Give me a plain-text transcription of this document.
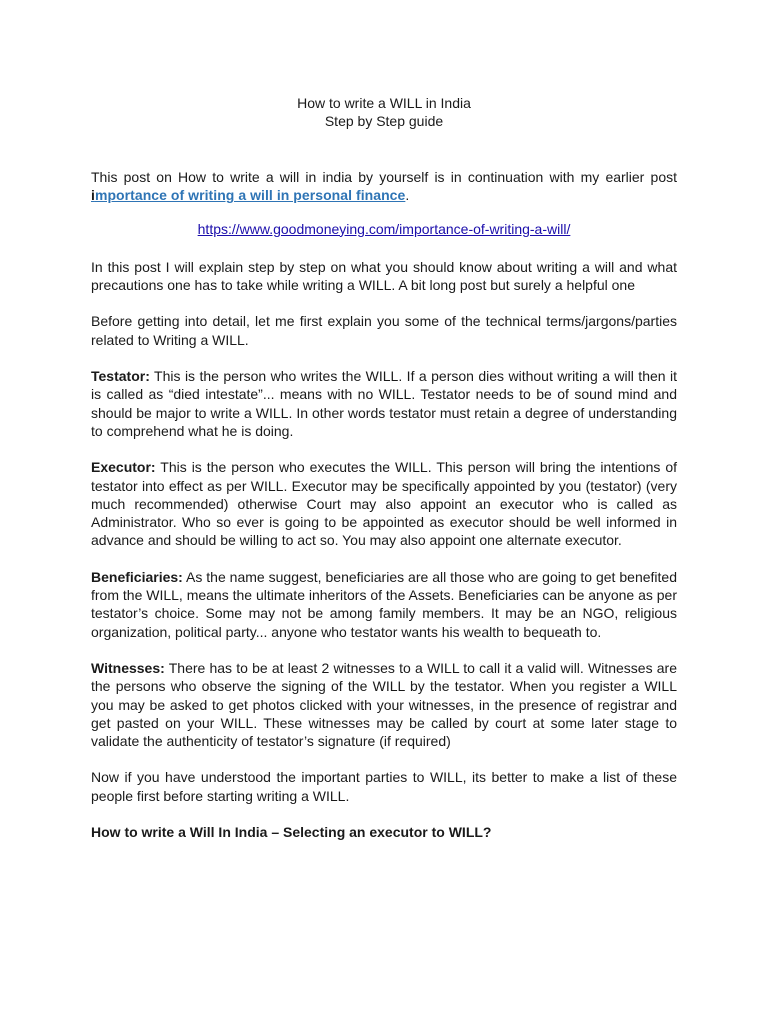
How to write a WILL in India
Step by Step guide

This post on How to write a will in india by yourself is in continuation with my earlier post importance of writing a will in personal finance.

https://www.goodmoneying.com/importance-of-writing-a-will/

In this post I will explain step by step on what you should know about writing a will and what precautions one has to take while writing a WILL. A bit long post but surely a helpful one

Before getting into detail, let me first explain you some of the technical terms/jargons/parties related to Writing a WILL.

Testator: This is the person who writes the WILL. If a person dies without writing a will then it is called as “died intestate”... means with no WILL. Testator needs to be of sound mind and should be major to write a WILL. In other words testator must retain a degree of understanding to comprehend what he is doing.

Executor: This is the person who executes the WILL. This person will bring the intentions of testator into effect as per WILL. Executor may be specifically appointed by you (testator) (very much recommended) otherwise Court may also appoint an executor who is called as Administrator. Who so ever is going to be appointed as executor should be well informed in advance and should be willing to act so. You may also appoint one alternate executor.

Beneficiaries: As the name suggest, beneficiaries are all those who are going to get benefited from the WILL, means the ultimate inheritors of the Assets. Beneficiaries can be anyone as per testator’s choice. Some may not be among family members. It may be an NGO, religious organization, political party... anyone who testator wants his wealth to bequeath to.

Witnesses: There has to be at least 2 witnesses to a WILL to call it a valid will. Witnesses are the persons who observe the signing of the WILL by the testator. When you register a WILL you may be asked to get photos clicked with your witnesses, in the presence of registrar and get pasted on your WILL. These witnesses may be called by court at some later stage to validate the authenticity of testator’s signature (if required)

Now if you have understood the important parties to WILL, its better to make a list of these people first before starting writing a WILL.

How to write a Will In India – Selecting an executor to WILL?
